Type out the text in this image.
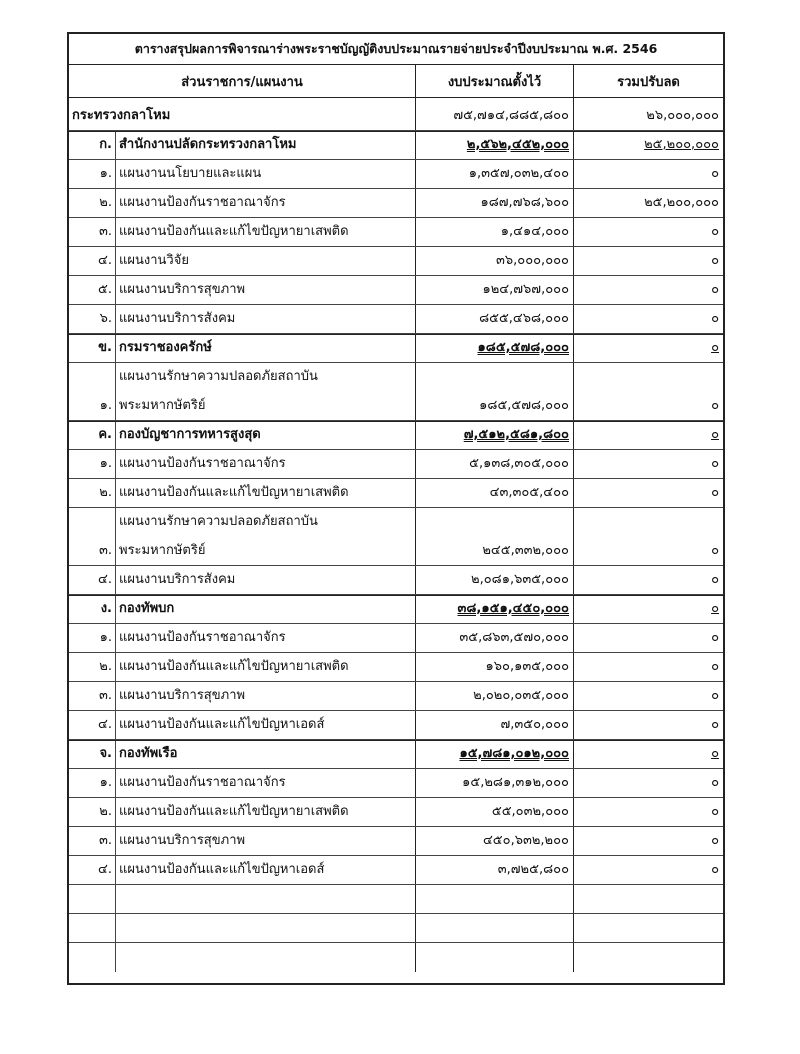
ตารางสรุปผลการพิจารณาร่างพระราชบัญญัติงบประมาณรายจ่ายประจำปีงบประมาณ พ.ศ. 2546
ส่วนราชการ/แผนงาน	งบประมาณตั้งไว้	รวมปรับลด
กระทรวงกลาโหม	๗๕,๗๑๔,๘๘๕,๘๐๐	๒๖,๐๐๐,๐๐๐
ก. สำนักงานปลัดกระทรวงกลาโหม	๒,๕๖๒,๔๕๒,๐๐๐	๒๕,๒๐๐,๐๐๐
๑. แผนงานนโยบายและแผน	๑,๓๕๗,๐๓๒,๔๐๐	๐
๒. แผนงานป้องกันราชอาณาจักร	๑๘๗,๗๖๘,๖๐๐	๒๕,๒๐๐,๐๐๐
๓. แผนงานป้องกันและแก้ไขปัญหายาเสพติด	๑,๔๑๔,๐๐๐	๐
๔. แผนงานวิจัย	๓๖,๐๐๐,๐๐๐	๐
๕. แผนงานบริการสุขภาพ	๑๒๔,๗๖๗,๐๐๐	๐
๖. แผนงานบริการสังคม	๘๕๕,๔๖๘,๐๐๐	๐
ข. กรมราชองครักษ์	๑๘๕,๕๗๘,๐๐๐	๐
๑.
แผนงานรักษาความปลอดภัยสถาบัน
พระมหากษัตริย์	๑๘๕,๕๗๘,๐๐๐	๐
ค. กองบัญชาการทหารสูงสุด	๗,๕๑๒,๕๘๑,๘๐๐	๐
๑. แผนงานป้องกันราชอาณาจักร	๕,๑๓๘,๓๐๕,๐๐๐	๐
๒. แผนงานป้องกันและแก้ไขปัญหายาเสพติด	๔๓,๓๐๕,๔๐๐	๐
๓.
แผนงานรักษาความปลอดภัยสถาบัน
พระมหากษัตริย์	๒๔๕,๓๓๒,๐๐๐	๐
๔. แผนงานบริการสังคม	๒,๐๘๑,๖๓๕,๐๐๐	๐
ง. กองทัพบก	๓๘,๑๕๑,๔๕๐,๐๐๐	๐
๑. แผนงานป้องกันราชอาณาจักร	๓๕,๘๖๓,๕๗๐,๐๐๐	๐
๒. แผนงานป้องกันและแก้ไขปัญหายาเสพติด	๑๖๐,๑๓๕,๐๐๐	๐
๓. แผนงานบริการสุขภาพ	๒,๐๒๐,๐๓๕,๐๐๐	๐
๔. แผนงานป้องกันและแก้ไขปัญหาเอดส์	๗,๓๕๐,๐๐๐	๐
จ. กองทัพเรือ	๑๕,๗๘๑,๐๑๒,๐๐๐	๐
๑. แผนงานป้องกันราชอาณาจักร	๑๕,๒๘๑,๓๑๒,๐๐๐	๐
๒. แผนงานป้องกันและแก้ไขปัญหายาเสพติด	๕๕,๐๓๒,๐๐๐	๐
๓. แผนงานบริการสุขภาพ	๔๕๐,๖๓๒,๒๐๐	๐
๔. แผนงานป้องกันและแก้ไขปัญหาเอดส์	๓,๗๒๕,๘๐๐	๐
